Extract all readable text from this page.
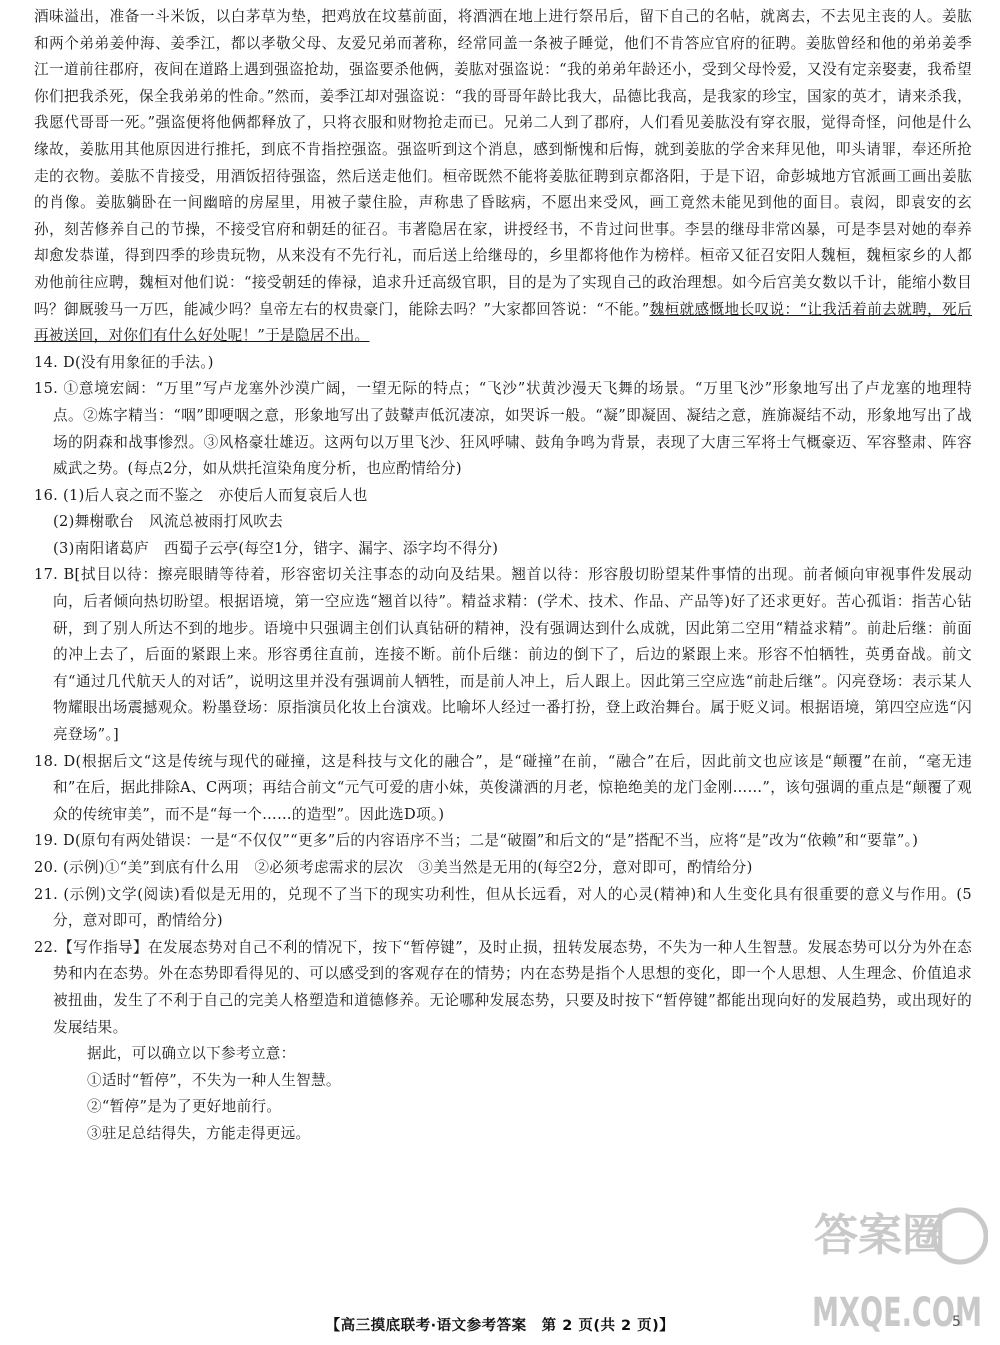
酒味溢出，准备一斗米饭，以白茅草为垫，把鸡放在坟墓前面，将酒洒在地上进行祭吊后，留下自己的名帖，就离去，不去见主丧的人。姜肱和两个弟弟姜仲海、姜季江，都以孝敬父母、友爱兄弟而著称，经常同盖一条被子睡觉，他们不肯答应官府的征聘。姜肱曾经和他的弟弟姜季江一道前往郡府，夜间在道路上遇到强盗抢劫，强盗要杀他俩，姜肱对强盗说：“我的弟弟年龄还小，受到父母怜爱，又没有定亲娶妻，我希望你们把我杀死，保全我弟弟的性命。”然而，姜季江却对强盗说：“我的哥哥年龄比我大，品德比我高，是我家的珍宝，国家的英才，请来杀我，我愿代哥哥一死。”强盗便将他俩都释放了，只将衣服和财物抢走而已。兄弟二人到了郡府，人们看见姜肱没有穿衣服，觉得奇怪，问他是什么缘故，姜肱用其他原因进行推托，到底不肯指控强盗。强盗听到这个消息，感到惭愧和后悔，就到姜肱的学舍来拜见他，叩头请罪，奉还所抢走的衣物。姜肱不肯接受，用酒饭招待强盗，然后送走他们。桓帝既然不能将姜肱征聘到京都洛阳，于是下诏，命彭城地方官派画工画出姜肱的肖像。姜肱躺卧在一间幽暗的房屋里，用被子蒙住脸，声称患了昏眩病，不愿出来受风，画工竟然未能见到他的面目。袁闳，即袁安的玄孙，刻苦修养自己的节操，不接受官府和朝廷的征召。韦著隐居在家，讲授经书，不肯过问世事。李昙的继母非常凶暴，可是李昙对她的奉养却愈发恭谨，得到四季的珍贵玩物，从来没有不先行礼，而后送上给继母的，乡里都将他作为榜样。桓帝又征召安阳人魏桓，魏桓家乡的人都劝他前往应聘，魏桓对他们说：“接受朝廷的俸禄，追求升迁高级官职，目的是为了实现自己的政治理想。如今后宫美女数以千计，能缩小数目吗？御厩骏马一万匹，能减少吗？皇帝左右的权贵豪门，能除去吗？”大家都回答说：“不能。”魏桓就感慨地长叹说：“让我活着前去就聘，死后再被送回，对你们有什么好处呢！”于是隐居不出。

14. D(没有用象征的手法。)

15. ①意境宏阔：“万里”写卢龙塞外沙漠广阔，一望无际的特点；“飞沙”状黄沙漫天飞舞的场景。“万里飞沙”形象地写出了卢龙塞的地理特点。②炼字精当：“咽”即哽咽之意，形象地写出了鼓鼙声低沉凄凉，如哭诉一般。“凝”即凝固、凝结之意，旌旆凝结不动，形象地写出了战场的阴森和战事惨烈。③风格豪壮雄迈。这两句以万里飞沙、狂风呼啸、鼓角争鸣为背景，表现了大唐三军将士气概豪迈、军容整肃、阵容威武之势。(每点2分，如从烘托渲染角度分析，也应酌情给分)

16. (1)后人哀之而不鉴之　亦使后人而复哀后人也

(2)舞榭歌台　风流总被雨打风吹去

(3)南阳诸葛庐　西蜀子云亭(每空1分，错字、漏字、添字均不得分)

17. B[拭目以待：擦亮眼睛等待着，形容密切关注事态的动向及结果。翘首以待：形容殷切盼望某件事情的出现。前者倾向审视事件发展动向，后者倾向热切盼望。根据语境，第一空应选“翘首以待”。精益求精：(学术、技术、作品、产品等)好了还求更好。苦心孤诣：指苦心钻研，到了别人所达不到的地步。语境中只强调主创们认真钻研的精神，没有强调达到什么成就，因此第二空用“精益求精”。前赴后继：前面的冲上去了，后面的紧跟上来。形容勇往直前，连接不断。前仆后继：前边的倒下了，后边的紧跟上来。形容不怕牺牲，英勇奋战。前文有“通过几代航天人的对话”，说明这里并没有强调前人牺牲，而是前人冲上，后人跟上。因此第三空应选“前赴后继”。闪亮登场：表示某人物耀眼出场震撼观众。粉墨登场：原指演员化妆上台演戏。比喻坏人经过一番打扮，登上政治舞台。属于贬义词。根据语境，第四空应选“闪亮登场”。]

18. D(根据后文“这是传统与现代的碰撞，这是科技与文化的融合”，是“碰撞”在前，“融合”在后，因此前文也应该是“颠覆”在前，“毫无违和”在后，据此排除A、C两项；再结合前文“元气可爱的唐小妹，英俊潇洒的月老，惊艳绝美的龙门金刚……”，该句强调的重点是“颠覆了观众的传统审美”，而不是“每一个……的造型”。因此选D项。)

19. D(原句有两处错误：一是“不仅仅”“更多”后的内容语序不当；二是“破圈”和后文的“是”搭配不当，应将“是”改为“依赖”和“要靠”。)

20. (示例)①“美”到底有什么用　②必须考虑需求的层次　③美当然是无用的(每空2分，意对即可，酌情给分)

21. (示例)文学(阅读)看似是无用的，兑现不了当下的现实功利性，但从长远看，对人的心灵(精神)和人生变化具有很重要的意义与作用。(5分，意对即可，酌情给分)

22.【写作指导】在发展态势对自己不利的情况下，按下“暂停键”，及时止损，扭转发展态势，不失为一种人生智慧。发展态势可以分为外在态势和内在态势。外在态势即看得见的、可以感受到的客观存在的情势；内在态势是指个人思想的变化，即一个人思想、人生理念、价值追求被扭曲，发生了不利于自己的完美人格塑造和道德修养。无论哪种发展态势，只要及时按下“暂停键”都能出现向好的发展趋势，或出现好的发展结果。

据此，可以确立以下参考立意：

①适时“暂停”，不失为一种人生智慧。

②“暂停”是为了更好地前行。

③驻足总结得失，方能走得更远。

答案圈
MXQE.COM
【高三摸底联考·语文参考答案　第 2 页(共 2 页)】	5
